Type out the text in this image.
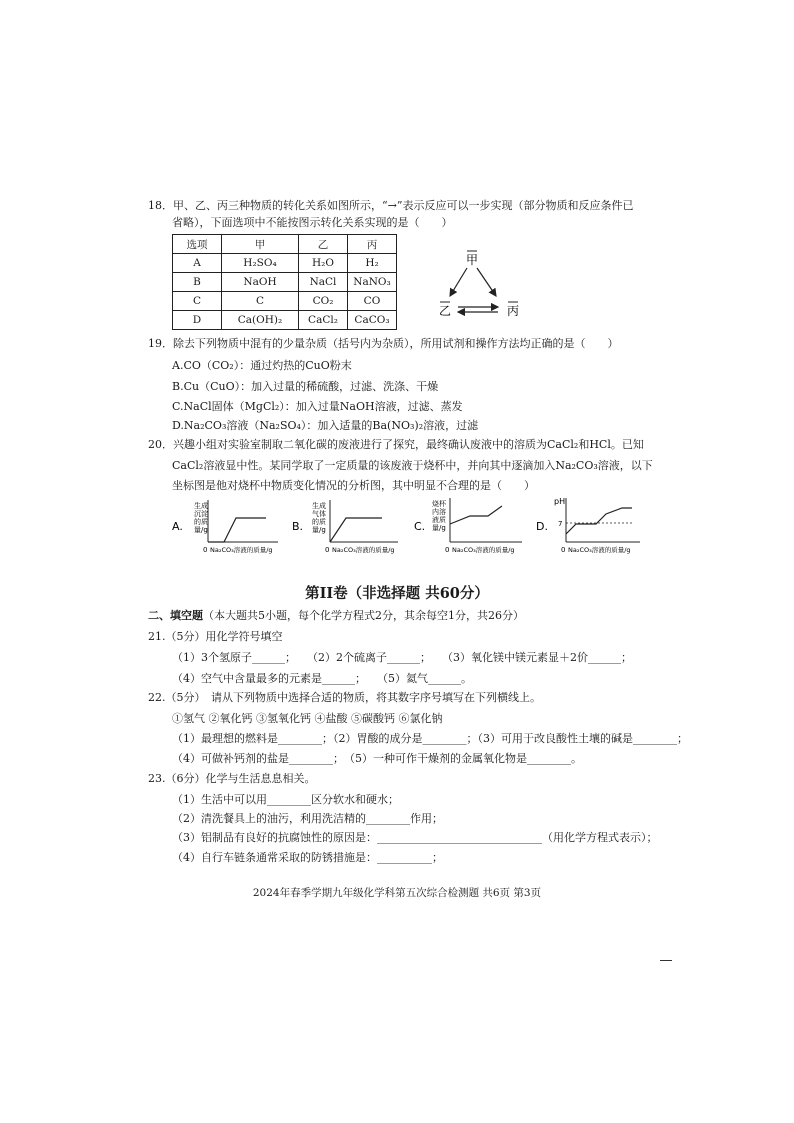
18．甲、乙、丙三种物质的转化关系如图所示，“→”表示反应可以一步实现（部分物质和反应条件已
省略），下面选项中不能按图示转化关系实现的是（　　）
选项	甲	乙	丙
A	H₂SO₄	H₂O	H₂
B	NaOH	NaCl	NaNO₃
C	C	CO₂	CO
D	Ca(OH)₂	CaCl₂	CaCO₃
甲
乙	丙
19．除去下列物质中混有的少量杂质（括号内为杂质），所用试剂和操作方法均正确的是（　　）
A.CO（CO₂）：通过灼热的CuO粉末
B.Cu（CuO）：加入过量的稀硫酸，过滤、洗涤、干燥
C.NaCl固体（MgCl₂）：加入过量NaOH溶液，过滤、蒸发
D.Na₂CO₃溶液（Na₂SO₄）：加入适量的Ba(NO₃)₂溶液，过滤
20．兴趣小组对实验室制取二氧化碳的废液进行了探究，最终确认废液中的溶质为CaCl₂和HCl。已知
CaCl₂溶液显中性。某同学取了一定质量的该废液于烧杯中，并向其中逐滴加入Na₂CO₃溶液，以下
坐标图是他对烧杯中物质变化情况的分析图，其中明显不合理的是（　　）
A.
生成
沉淀
的质
量/g
0 Na₂CO₃溶液的质量/g
B.
生成
气体
的质
量/g
0 Na₂CO₃溶液的质量/g
C.
烧杯
内溶
液质
量/g
0 Na₂CO₃溶液的质量/g
D.
pH
7
0 Na₂CO₃溶液的质量/g
第II卷（非选择题 共60分）
二、填空题（本大题共5小题，每个化学方程式2分，其余每空1分，共26分）
21.（5分）用化学符号填空
（1）3个氢原子______；　　（2）2个硫离子______；　　（3）氧化镁中镁元素显＋2价______；
（4）空气中含量最多的元素是______；　　（5）氦气______。
22.（5分）　请从下列物质中选择合适的物质，将其数字序号填写在下列横线上。
①氢气 ②氧化钙 ③氢氧化钙 ④盐酸 ⑤碳酸钙 ⑥氯化钠
（1）最理想的燃料是________；（2）胃酸的成分是________；（3）可用于改良酸性土壤的碱是________；
（4）可做补钙剂的盐是________；　（5）一种可作干燥剂的金属氧化物是________。
23.（6分）化学与生活息息相关。
（1）生活中可以用________区分软水和硬水；
（2）清洗餐具上的油污，利用洗洁精的________作用；
（3）铝制品有良好的抗腐蚀性的原因是：______________________________（用化学方程式表示）；
（4）自行车链条通常采取的防锈措施是：__________；
2024年春季学期九年级化学科第五次综合检测题 共6页 第3页
